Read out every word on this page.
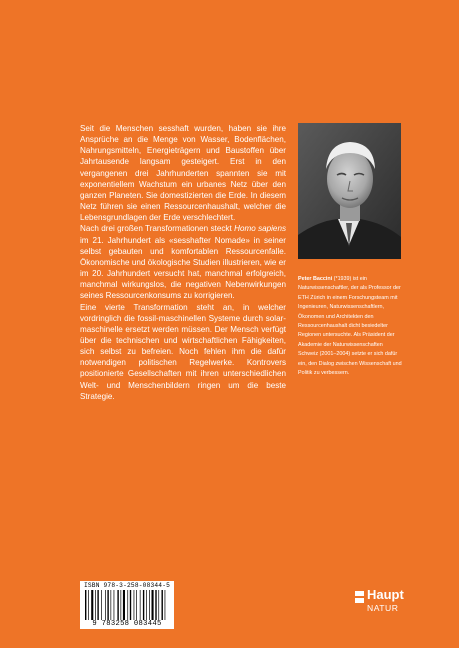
Seit die Menschen sesshaft wurden, haben sie ihre Ansprüche an die Menge von Wasser, Bodenflächen, Nahrungsmitteln, Energieträgern und Baustoffen über Jahrtausende langsam gesteigert. Erst in den vergangenen drei Jahrhunderten spannten sie mit exponentiellem Wachstum ein urbanes Netz über den ganzen Planeten. Sie domestizierten die Erde. In diesem Netz führen sie einen Ressourcenhaushalt, welcher die Lebensgrundlagen der Erde verschlechtert.

Nach drei großen Transformationen steckt Homo sapiens im 21. Jahrhundert als «sesshafter Nomade» in seiner selbst gebauten und komfortablen Ressourcenfalle. Ökonomische und ökologische Studien illustrieren, wie er im 20. Jahrhundert versucht hat, manchmal erfolgreich, manchmal wirkungslos, die negativen Nebenwirkungen seines Ressourcenkonsums zu korrigieren.

Eine vierte Transformation steht an, in welcher vordringlich die fossil-maschinellen Systeme durch solar-maschinelle ersetzt werden müssen. Der Mensch verfügt über die technischen und wirtschaftlichen Fähigkeiten, sich selbst zu befreien. Noch fehlen ihm die dafür notwendigen politischen Regelwerke. Kontrovers positionierte Gesellschaften mit ihren unterschiedlichen Welt- und Menschenbildern ringen um die beste Strategie.

Peter Baccini (*1939) ist ein Naturwissenschaftler, der als Professor der ETH Zürich in einem Forschungsteam mit Ingenieuren, Naturwissenschaftlern, Ökonomen und Architekten den Ressourcenhaushalt dicht besiedelter Regionen untersuchte. Als Präsident der Akademie der Naturwissenschaften Schweiz (2001–2004) setzte er sich dafür ein, den Dialog zwischen Wissenschaft und Politik zu verbessern.
ISBN 978-3-258-08344-5
9 783258 083445
Haupt
NATUR
